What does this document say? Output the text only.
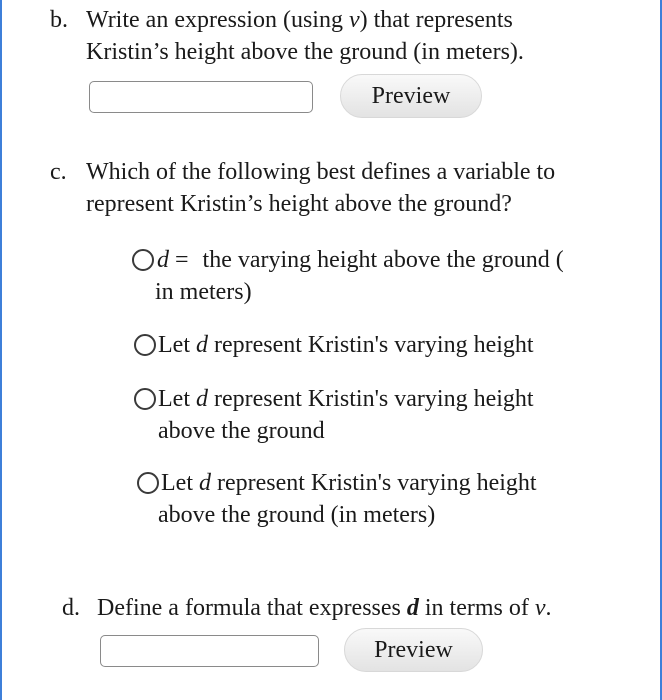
b. Write an expression (using v) that represents
Kristin’s height above the ground (in meters).
Preview
c. Which of the following best defines a variable to
represent Kristin’s height above the ground?
d = the varying height above the ground (
in meters)
Let d represent Kristin's varying height
Let d represent Kristin's varying height
above the ground
Let d represent Kristin's varying height
above the ground (in meters)
d. Define a formula that expresses d in terms of v.
Preview
